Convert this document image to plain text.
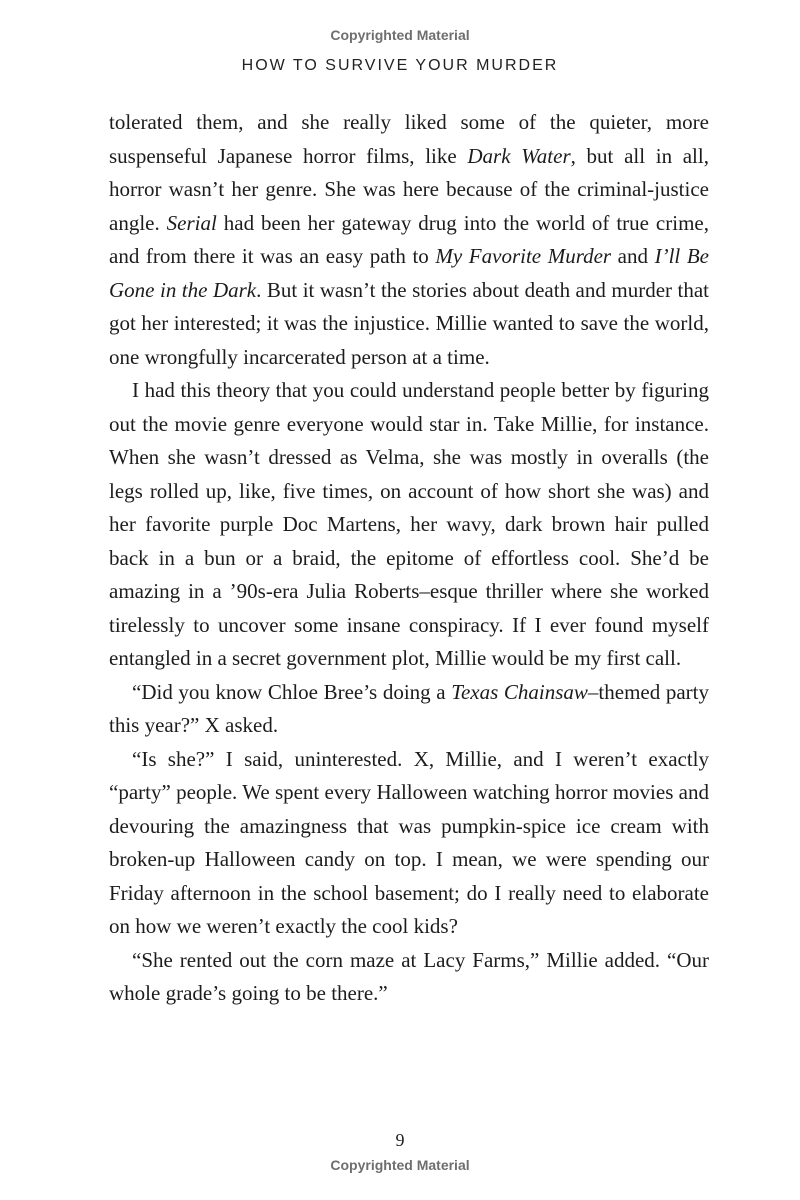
Copyrighted Material
HOW TO SURVIVE YOUR MURDER

tolerated them, and she really liked some of the quieter, more suspenseful Japanese horror films, like Dark Water, but all in all, horror wasn’t her genre. She was here because of the criminal-justice angle. Serial had been her gateway drug into the world of true crime, and from there it was an easy path to My Favorite Murder and I’ll Be Gone in the Dark. But it wasn’t the stories about death and murder that got her interested; it was the injustice. Millie wanted to save the world, one wrongfully incarcerated person at a time.

I had this theory that you could understand people better by figuring out the movie genre everyone would star in. Take Millie, for instance. When she wasn’t dressed as Velma, she was mostly in overalls (the legs rolled up, like, five times, on account of how short she was) and her favorite purple Doc Martens, her wavy, dark brown hair pulled back in a bun or a braid, the epitome of effortless cool. She’d be amazing in a ’90s-era Julia Roberts–esque thriller where she worked tirelessly to uncover some insane conspiracy. If I ever found myself entangled in a secret government plot, Millie would be my first call.

“Did you know Chloe Bree’s doing a Texas Chainsaw–themed party this year?” X asked.

“Is she?” I said, uninterested. X, Millie, and I weren’t exactly “party” people. We spent every Halloween watching horror movies and devouring the amazingness that was pumpkin-spice ice cream with broken-up Halloween candy on top. I mean, we were spending our Friday afternoon in the school basement; do I really need to elaborate on how we weren’t exactly the cool kids?

“She rented out the corn maze at Lacy Farms,” Millie added. “Our whole grade’s going to be there.”

9
Copyrighted Material
